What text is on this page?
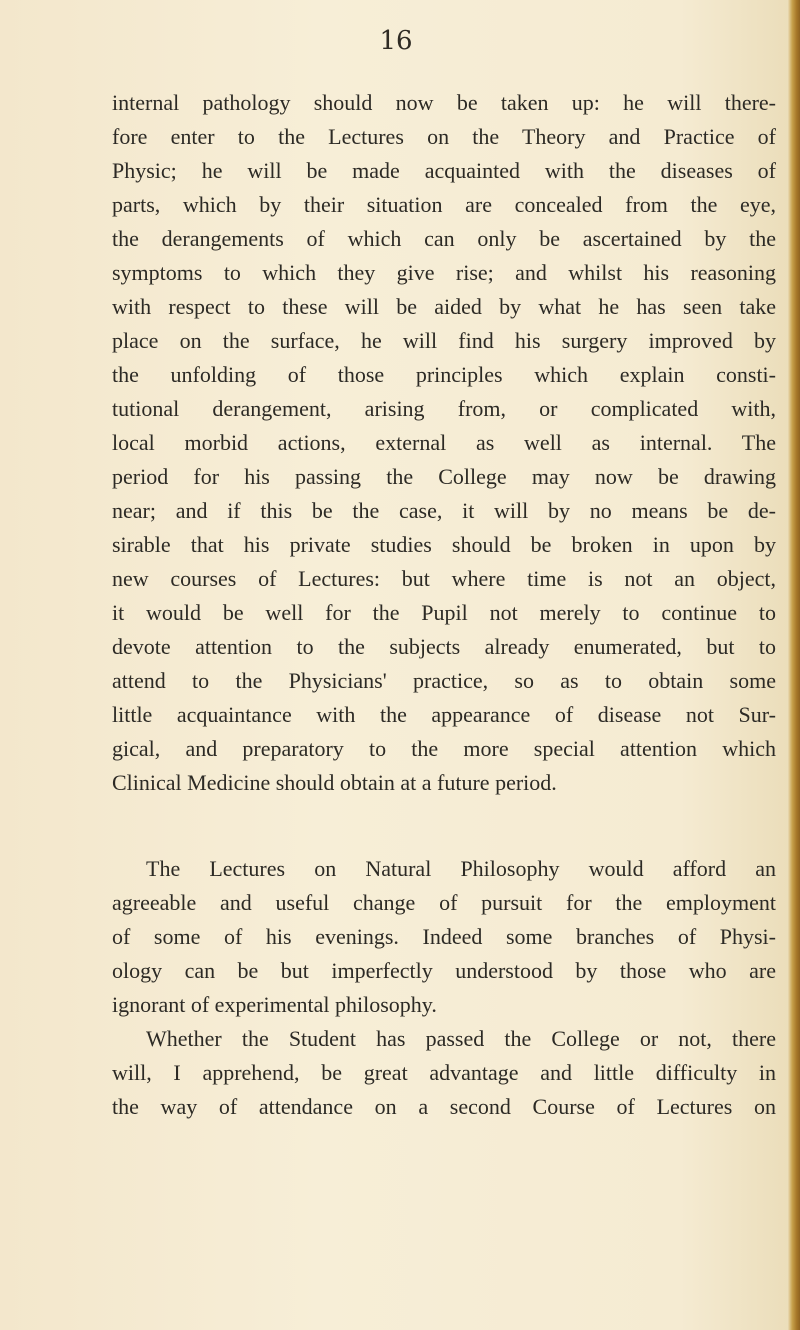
16
internal pathology should now be taken up: he will there-
fore enter to the Lectures on the Theory and Practice of
Physic; he will be made acquainted with the diseases of
parts, which by their situation are concealed from the eye,
the derangements of which can only be ascertained by the
symptoms to which they give rise; and whilst his reasoning
with respect to these will be aided by what he has seen take
place on the surface, he will find his surgery improved by
the unfolding of those principles which explain consti-
tutional derangement, arising from, or complicated with,
local morbid actions, external as well as internal. The
period for his passing the College may now be drawing
near; and if this be the case, it will by no means be de-
sirable that his private studies should be broken in upon by
new courses of Lectures: but where time is not an object,
it would be well for the Pupil not merely to continue to
devote attention to the subjects already enumerated, but to
attend to the Physicians' practice, so as to obtain some
little acquaintance with the appearance of disease not Sur-
gical, and preparatory to the more special attention which
Clinical Medicine should obtain at a future period.
The Lectures on Natural Philosophy would afford an
agreeable and useful change of pursuit for the employment
of some of his evenings. Indeed some branches of Physi-
ology can be but imperfectly understood by those who are
ignorant of experimental philosophy.
Whether the Student has passed the College or not, there
will, I apprehend, be great advantage and little difficulty in
the way of attendance on a second Course of Lectures on
